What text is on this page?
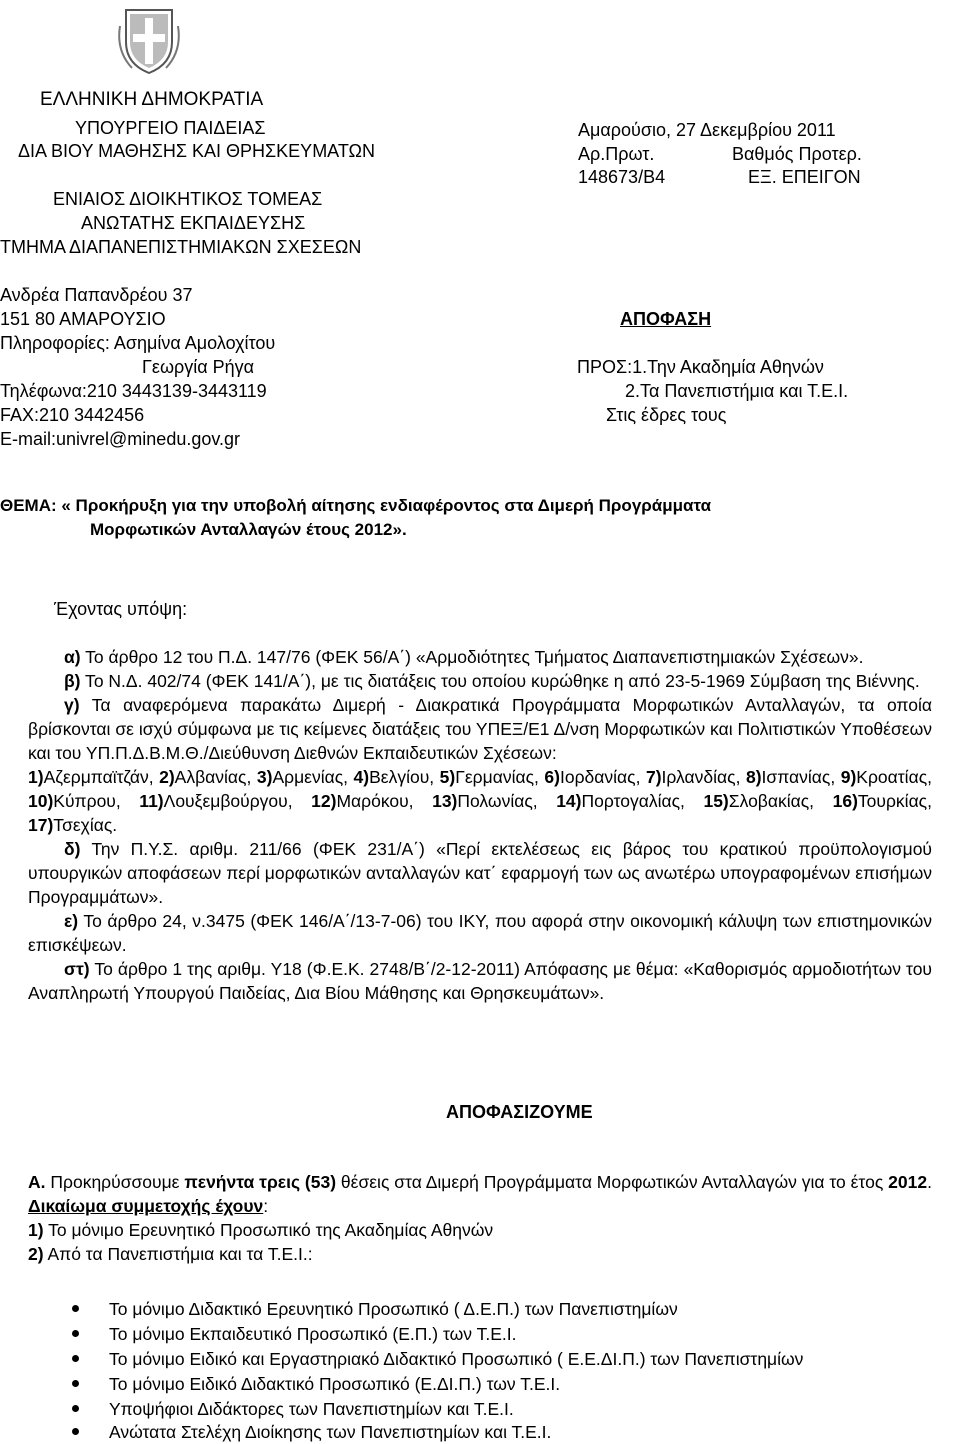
ΕΛΛΗΝΙΚΗ ΔΗΜΟΚΡΑΤΙΑ
ΥΠΟΥΡΓΕΙΟ ΠΑΙΔΕΙΑΣ
ΔΙΑ ΒΙΟΥ ΜΑΘΗΣΗΣ ΚΑΙ ΘΡΗΣΚΕΥΜΑΤΩΝ
ΕΝΙΑΙΟΣ ΔΙΟΙΚΗΤΙΚΟΣ ΤΟΜΕΑΣ
ΑΝΩΤΑΤΗΣ ΕΚΠΑΙΔΕΥΣΗΣ
ΤΜΗΜΑ ΔΙΑΠΑΝΕΠΙΣΤΗΜΙΑΚΩΝ ΣΧΕΣΕΩΝ
Ανδρέα Παπανδρέου 37
151 80 ΑΜΑΡΟΥΣΙΟ
Πληροφορίες: Ασημίνα Αμολοχίτου
Γεωργία Ρήγα
Τηλέφωνα:210 3443139-3443119
FAX:210 3442456
E-mail:univrel@minedu.gov.gr
Αμαρούσιο, 27 Δεκεμβρίου 2011
Αρ.Πρωτ.	Βαθμός Προτερ.
148673/Β4	ΕΞ. ΕΠΕΙΓΟΝ
ΑΠΟΦΑΣΗ
ΠΡΟΣ:1.Την Ακαδημία Αθηνών
2.Τα Πανεπιστήμια και Τ.Ε.Ι.
Στις έδρες τους
ΘΕΜΑ: « Προκήρυξη για την υποβολή αίτησης ενδιαφέροντος στα Διμερή Προγράμματα
Μορφωτικών Ανταλλαγών έτους 2012».
Έχοντας υπόψη:

α) Το άρθρο 12 του Π.Δ. 147/76 (ΦΕΚ 56/Α΄) «Αρμοδιότητες Τμήματος Διαπανεπιστημιακών Σχέσεων».

β) Το Ν.Δ. 402/74 (ΦΕΚ 141/Α΄), με τις διατάξεις του οποίου κυρώθηκε η από 23-5-1969 Σύμβαση της Βιέννης.

γ) Τα αναφερόμενα παρακάτω Διμερή - Διακρατικά Προγράμματα Μορφωτικών Ανταλλαγών, τα οποία βρίσκονται σε ισχύ σύμφωνα με τις κείμενες διατάξεις του ΥΠΕΞ/Ε1 Δ/νση Μορφωτικών και Πολιτιστικών Υποθέσεων και του ΥΠ.Π.Δ.Β.Μ.Θ./Διεύθυνση Διεθνών Εκπαιδευτικών Σχέσεων:

1)Αζερμπαϊτζάν, 2)Αλβανίας, 3)Αρμενίας, 4)Βελγίου, 5)Γερμανίας, 6)Ιορδανίας, 7)Ιρλανδίας, 8)Ισπανίας, 9)Κροατίας, 10)Κύπρου, 11)Λουξεμβούργου, 12)Μαρόκου, 13)Πολωνίας, 14)Πορτογαλίας, 15)Σλοβακίας, 16)Τουρκίας, 17)Τσεχίας.

δ) Την Π.Υ.Σ. αριθμ. 211/66 (ΦΕΚ 231/Α΄) «Περί εκτελέσεως εις βάρος του κρατικού προϋπολογισμού υπουργικών αποφάσεων περί μορφωτικών ανταλλαγών κατ΄ εφαρμογή των ως ανωτέρω υπογραφομένων επισήμων Προγραμμάτων».

ε) Το άρθρο 24, ν.3475 (ΦΕΚ 146/Α΄/13-7-06) του ΙΚΥ, που αφορά στην οικονομική κάλυψη των επιστημονικών επισκέψεων.

στ) Το άρθρο 1 της αριθμ. Υ18 (Φ.Ε.Κ. 2748/Β΄/2-12-2011) Απόφασης με θέμα: «Καθορισμός αρμοδιοτήτων του Αναπληρωτή Υπουργού Παιδείας, Δια Βίου Μάθησης και Θρησκευμάτων».

ΑΠΟΦΑΣΙΖΟΥΜΕ

Α. Προκηρύσσουμε πενήντα τρεις (53) θέσεις στα Διμερή Προγράμματα Μορφωτικών Ανταλλαγών για το έτος 2012.

Δικαίωμα συμμετοχής έχουν:

1) Το μόνιμο Ερευνητικό Προσωπικό της Ακαδημίας Αθηνών

2) Από τα Πανεπιστήμια και τα Τ.Ε.Ι.:

Το μόνιμο Διδακτικό Ερευνητικό Προσωπικό ( Δ.Ε.Π.) των Πανεπιστημίων
Το μόνιμο Εκπαιδευτικό Προσωπικό (Ε.Π.) των Τ.Ε.Ι.
Το μόνιμο Ειδικό και Εργαστηριακό Διδακτικό Προσωπικό ( Ε.Ε.ΔΙ.Π.) των Πανεπιστημίων
Το μόνιμο Ειδικό Διδακτικό Προσωπικό (Ε.ΔΙ.Π.) των Τ.Ε.Ι.
Υποψήφιοι Διδάκτορες των Πανεπιστημίων και Τ.Ε.Ι.
Ανώτατα Στελέχη Διοίκησης των Πανεπιστημίων και Τ.Ε.Ι.
